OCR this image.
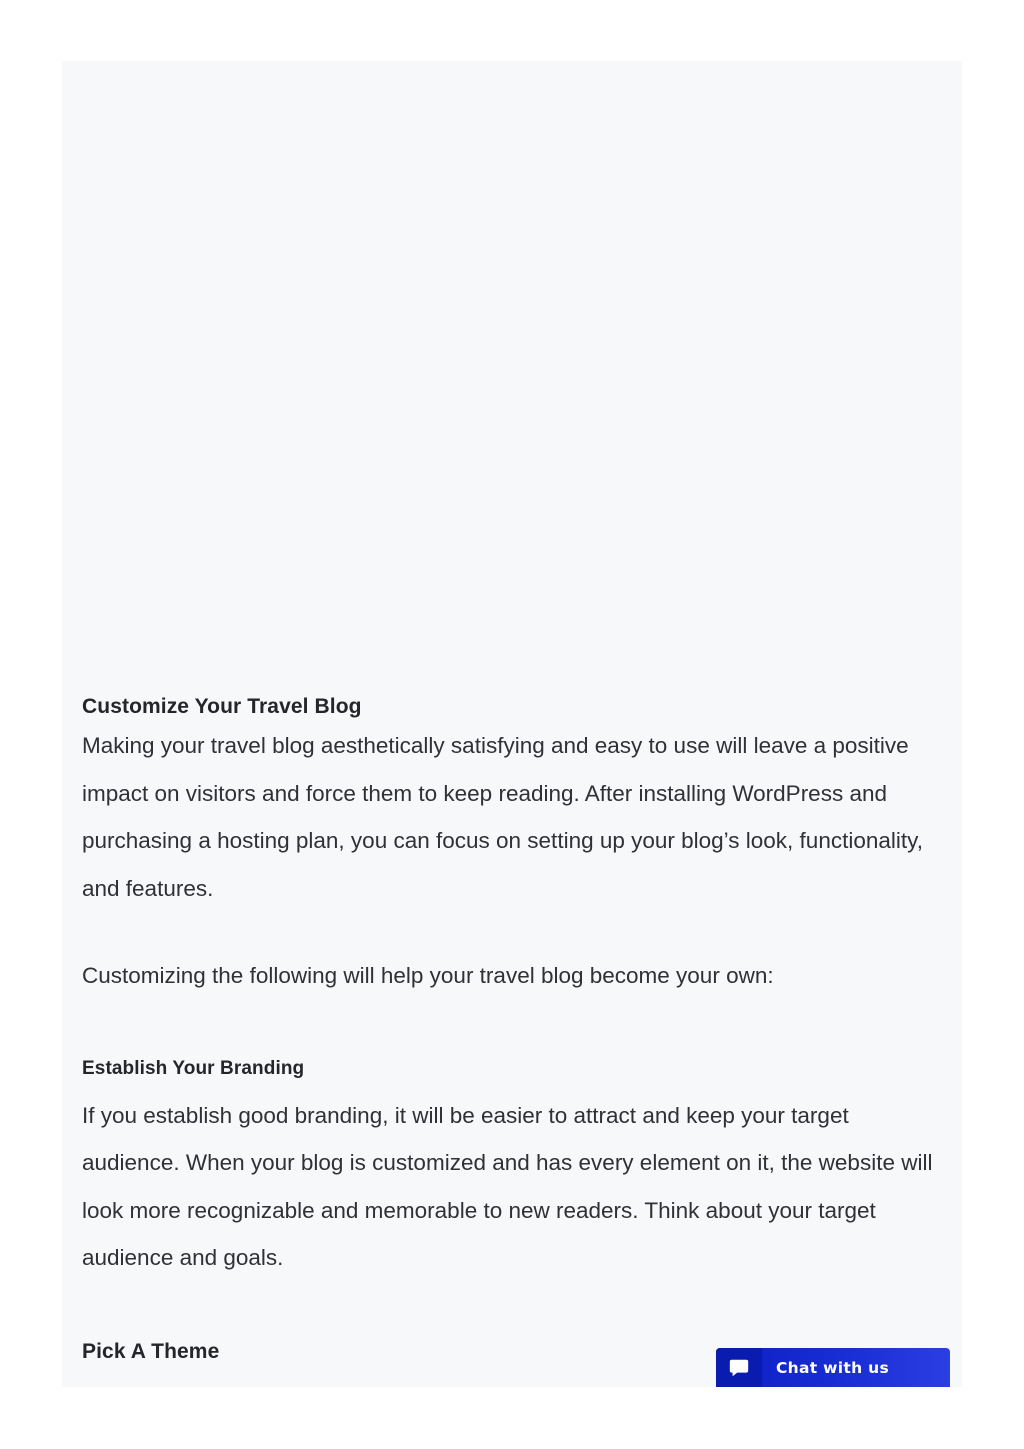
Customize Your Travel Blog

Making your travel blog aesthetically satisfying and easy to use will leave a positive impact on visitors and force them to keep reading. After installing WordPress and purchasing a hosting plan, you can focus on setting up your blog’s look, functionality, and features.

Customizing the following will help your travel blog become your own:

Establish Your Branding

If you establish good branding, it will be easier to attract and keep your target audience. When your blog is customized and has every element on it, the website will look more recognizable and memorable to new readers. Think about your target audience and goals.

Pick A Theme
Chat with us
